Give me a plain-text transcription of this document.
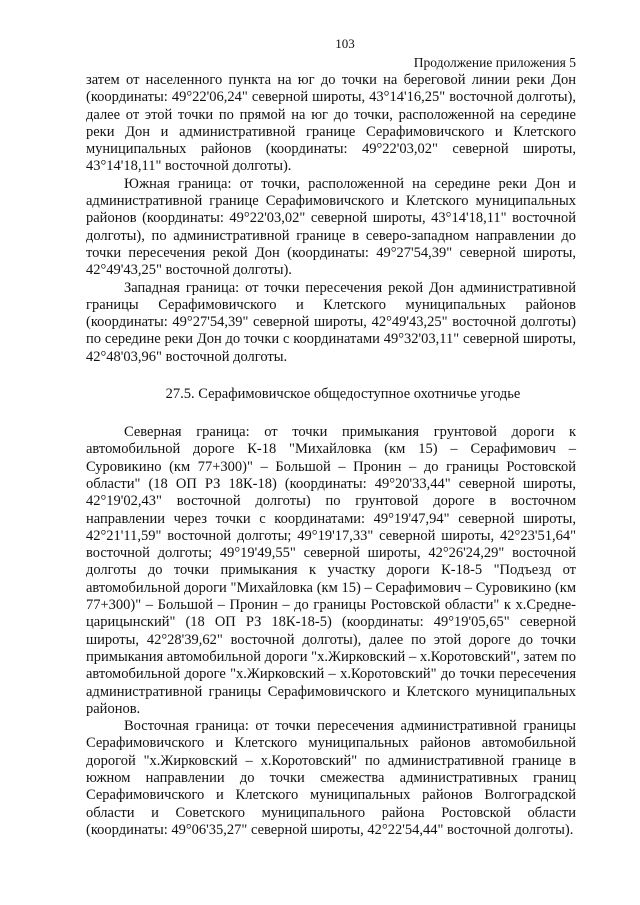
103
Продолжение приложения 5

затем от населенного пункта на юг до точки на береговой линии реки Дон (координаты: 49°22'06,24" северной широты, 43°14'16,25" восточной долготы), далее от этой точки по прямой на юг до точки, расположенной на середине реки Дон и административной границе Серафимовичского и Клетского муниципальных районов (координаты: 49°22'03,02" северной широты, 43°14'18,11" восточной долготы).

Южная граница: от точки, расположенной на середине реки Дон и административной границе Серафимовичского и Клетского муниципальных районов (координаты: 49°22'03,02" северной широты, 43°14'18,11" восточной долготы), по административной границе в северо-западном направлении до точки пересечения рекой Дон (координаты: 49°27'54,39" северной широты, 42°49'43,25" восточной долготы).

Западная граница: от точки пересечения рекой Дон административной границы Серафимовичского и Клетского муниципальных районов (координаты: 49°27'54,39" северной широты, 42°49'43,25" восточной долготы) по середине реки Дон до точки с координатами 49°32'03,11" северной широты, 42°48'03,96" восточной долготы.

27.5. Серафимовичское общедоступное охотничье угодье

Северная граница: от точки примыкания грунтовой дороги к автомобильной дороге К-18 "Михайловка (км 15) – Серафимович – Суровикино (км 77+300)" – Большой – Пронин – до границы Ростовской области" (18 ОП РЗ 18К-18) (координаты: 49°20'33,44" северной широты, 42°19'02,43" восточной долготы) по грунтовой дороге в восточном направлении через точки с координатами: 49°19'47,94" северной широты, 42°21'11,59" восточной долготы; 49°19'17,33" северной широты, 42°23'51,64" восточной долготы; 49°19'49,55" северной широты, 42°26'24,29" восточной долготы до точки примыкания к участку дороги К-18-5 "Подъезд от автомобильной дороги "Михайловка (км 15) – Серафимович – Суровикино (км 77+300)" – Большой – Пронин – до границы Ростовской области" к х.Средне-царицынский" (18 ОП РЗ 18К-18-5) (координаты: 49°19'05,65" северной широты, 42°28'39,62" восточной долготы), далее по этой дороге до точки примыкания автомобильной дороги "х.Жирковский – х.Коротовский", затем по автомобильной дороге "х.Жирковский – х.Коротовский" до точки пересечения административной границы Серафимовичского и Клетского муниципальных районов.

Восточная граница: от точки пересечения административной границы Серафимовичского и Клетского муниципальных районов автомобильной дорогой "х.Жирковский – х.Коротовский" по административной границе в южном направлении до точки смежества административных границ Серафимовичского и Клетского муниципальных районов Волгоградской области и Советского муниципального района Ростовской области (координаты: 49°06'35,27" северной широты, 42°22'54,44" восточной долготы).
